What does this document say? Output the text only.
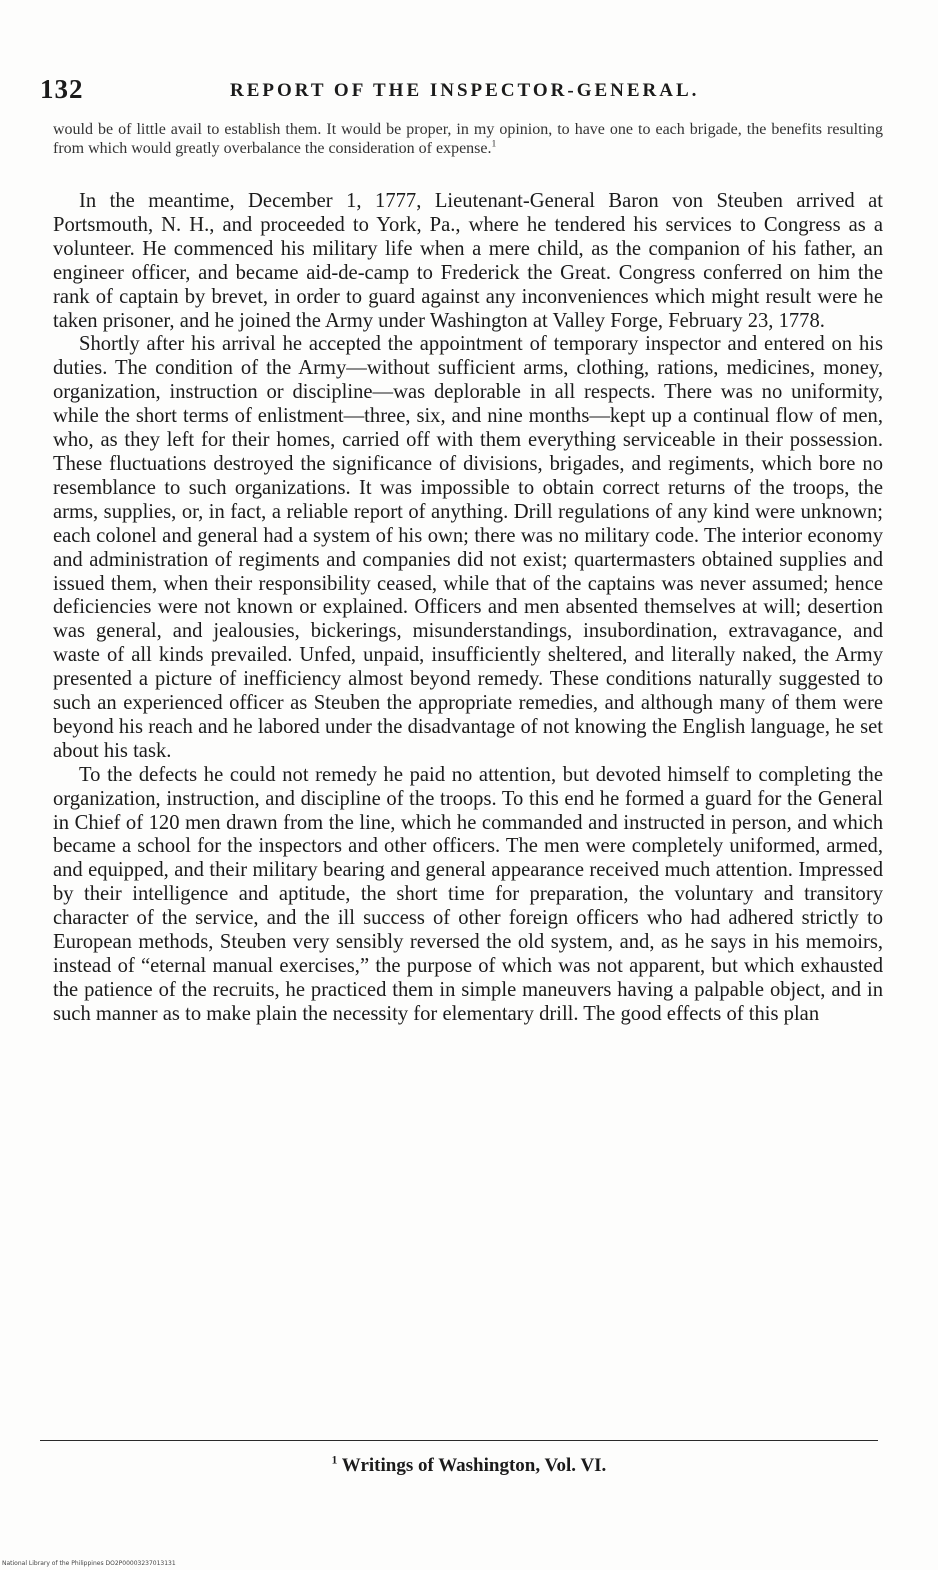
132	REPORT OF THE INSPECTOR-GENERAL.
would be of little avail to establish them. It would be proper, in my opinion, to have one to each brigade, the benefits resulting from which would greatly overbalance the consideration of expense.$^1$

In the meantime, December 1, 1777, Lieutenant-General Baron von Steuben arrived at Portsmouth, N. H., and proceeded to York, Pa., where he tendered his services to Congress as a volunteer. He commenced his military life when a mere child, as the companion of his father, an engineer officer, and became aid-de-camp to Frederick the Great. Congress conferred on him the rank of captain by brevet, in order to guard against any inconveniences which might result were he taken prisoner, and he joined the Army under Washington at Valley Forge, February 23, 1778.

Shortly after his arrival he accepted the appointment of temporary inspector and entered on his duties. The condition of the Army—without sufficient arms, clothing, rations, medicines, money, organization, instruction or discipline—was deplorable in all respects. There was no uniformity, while the short terms of enlistment—three, six, and nine months—kept up a continual flow of men, who, as they left for their homes, carried off with them everything serviceable in their possession. These fluctuations destroyed the significance of divisions, brigades, and regiments, which bore no resemblance to such organizations. It was impossible to obtain correct returns of the troops, the arms, supplies, or, in fact, a reliable report of anything. Drill regulations of any kind were unknown; each colonel and general had a system of his own; there was no military code. The interior economy and administration of regiments and companies did not exist; quartermasters obtained supplies and issued them, when their responsibility ceased, while that of the captains was never assumed; hence deficiencies were not known or explained. Officers and men absented themselves at will; desertion was general, and jealousies, bickerings, misunderstandings, insubordination, extravagance, and waste of all kinds prevailed. Unfed, unpaid, insufficiently sheltered, and literally naked, the Army presented a picture of inefficiency almost beyond remedy. These conditions naturally suggested to such an experienced officer as Steuben the appropriate remedies, and although many of them were beyond his reach and he labored under the disadvantage of not knowing the English language, he set about his task.

To the defects he could not remedy he paid no attention, but devoted himself to completing the organization, instruction, and discipline of the troops. To this end he formed a guard for the General in Chief of 120 men drawn from the line, which he commanded and instructed in person, and which became a school for the inspectors and other officers. The men were completely uniformed, armed, and equipped, and their military bearing and general appearance received much attention. Impressed by their intelligence and aptitude, the short time for preparation, the voluntary and transitory character of the service, and the ill success of other foreign officers who had adhered strictly to European methods, Steuben very sensibly reversed the old system, and, as he says in his memoirs, instead of “eternal manual exercises,” the purpose of which was not apparent, but which exhausted the patience of the recruits, he practiced them in simple maneuvers having a palpable object, and in such manner as to make plain the necessity for elementary drill. The good effects of this plan

$^1$ Writings of Washington, Vol. VI.
National Library of the Philippines DO2P00003237013131
